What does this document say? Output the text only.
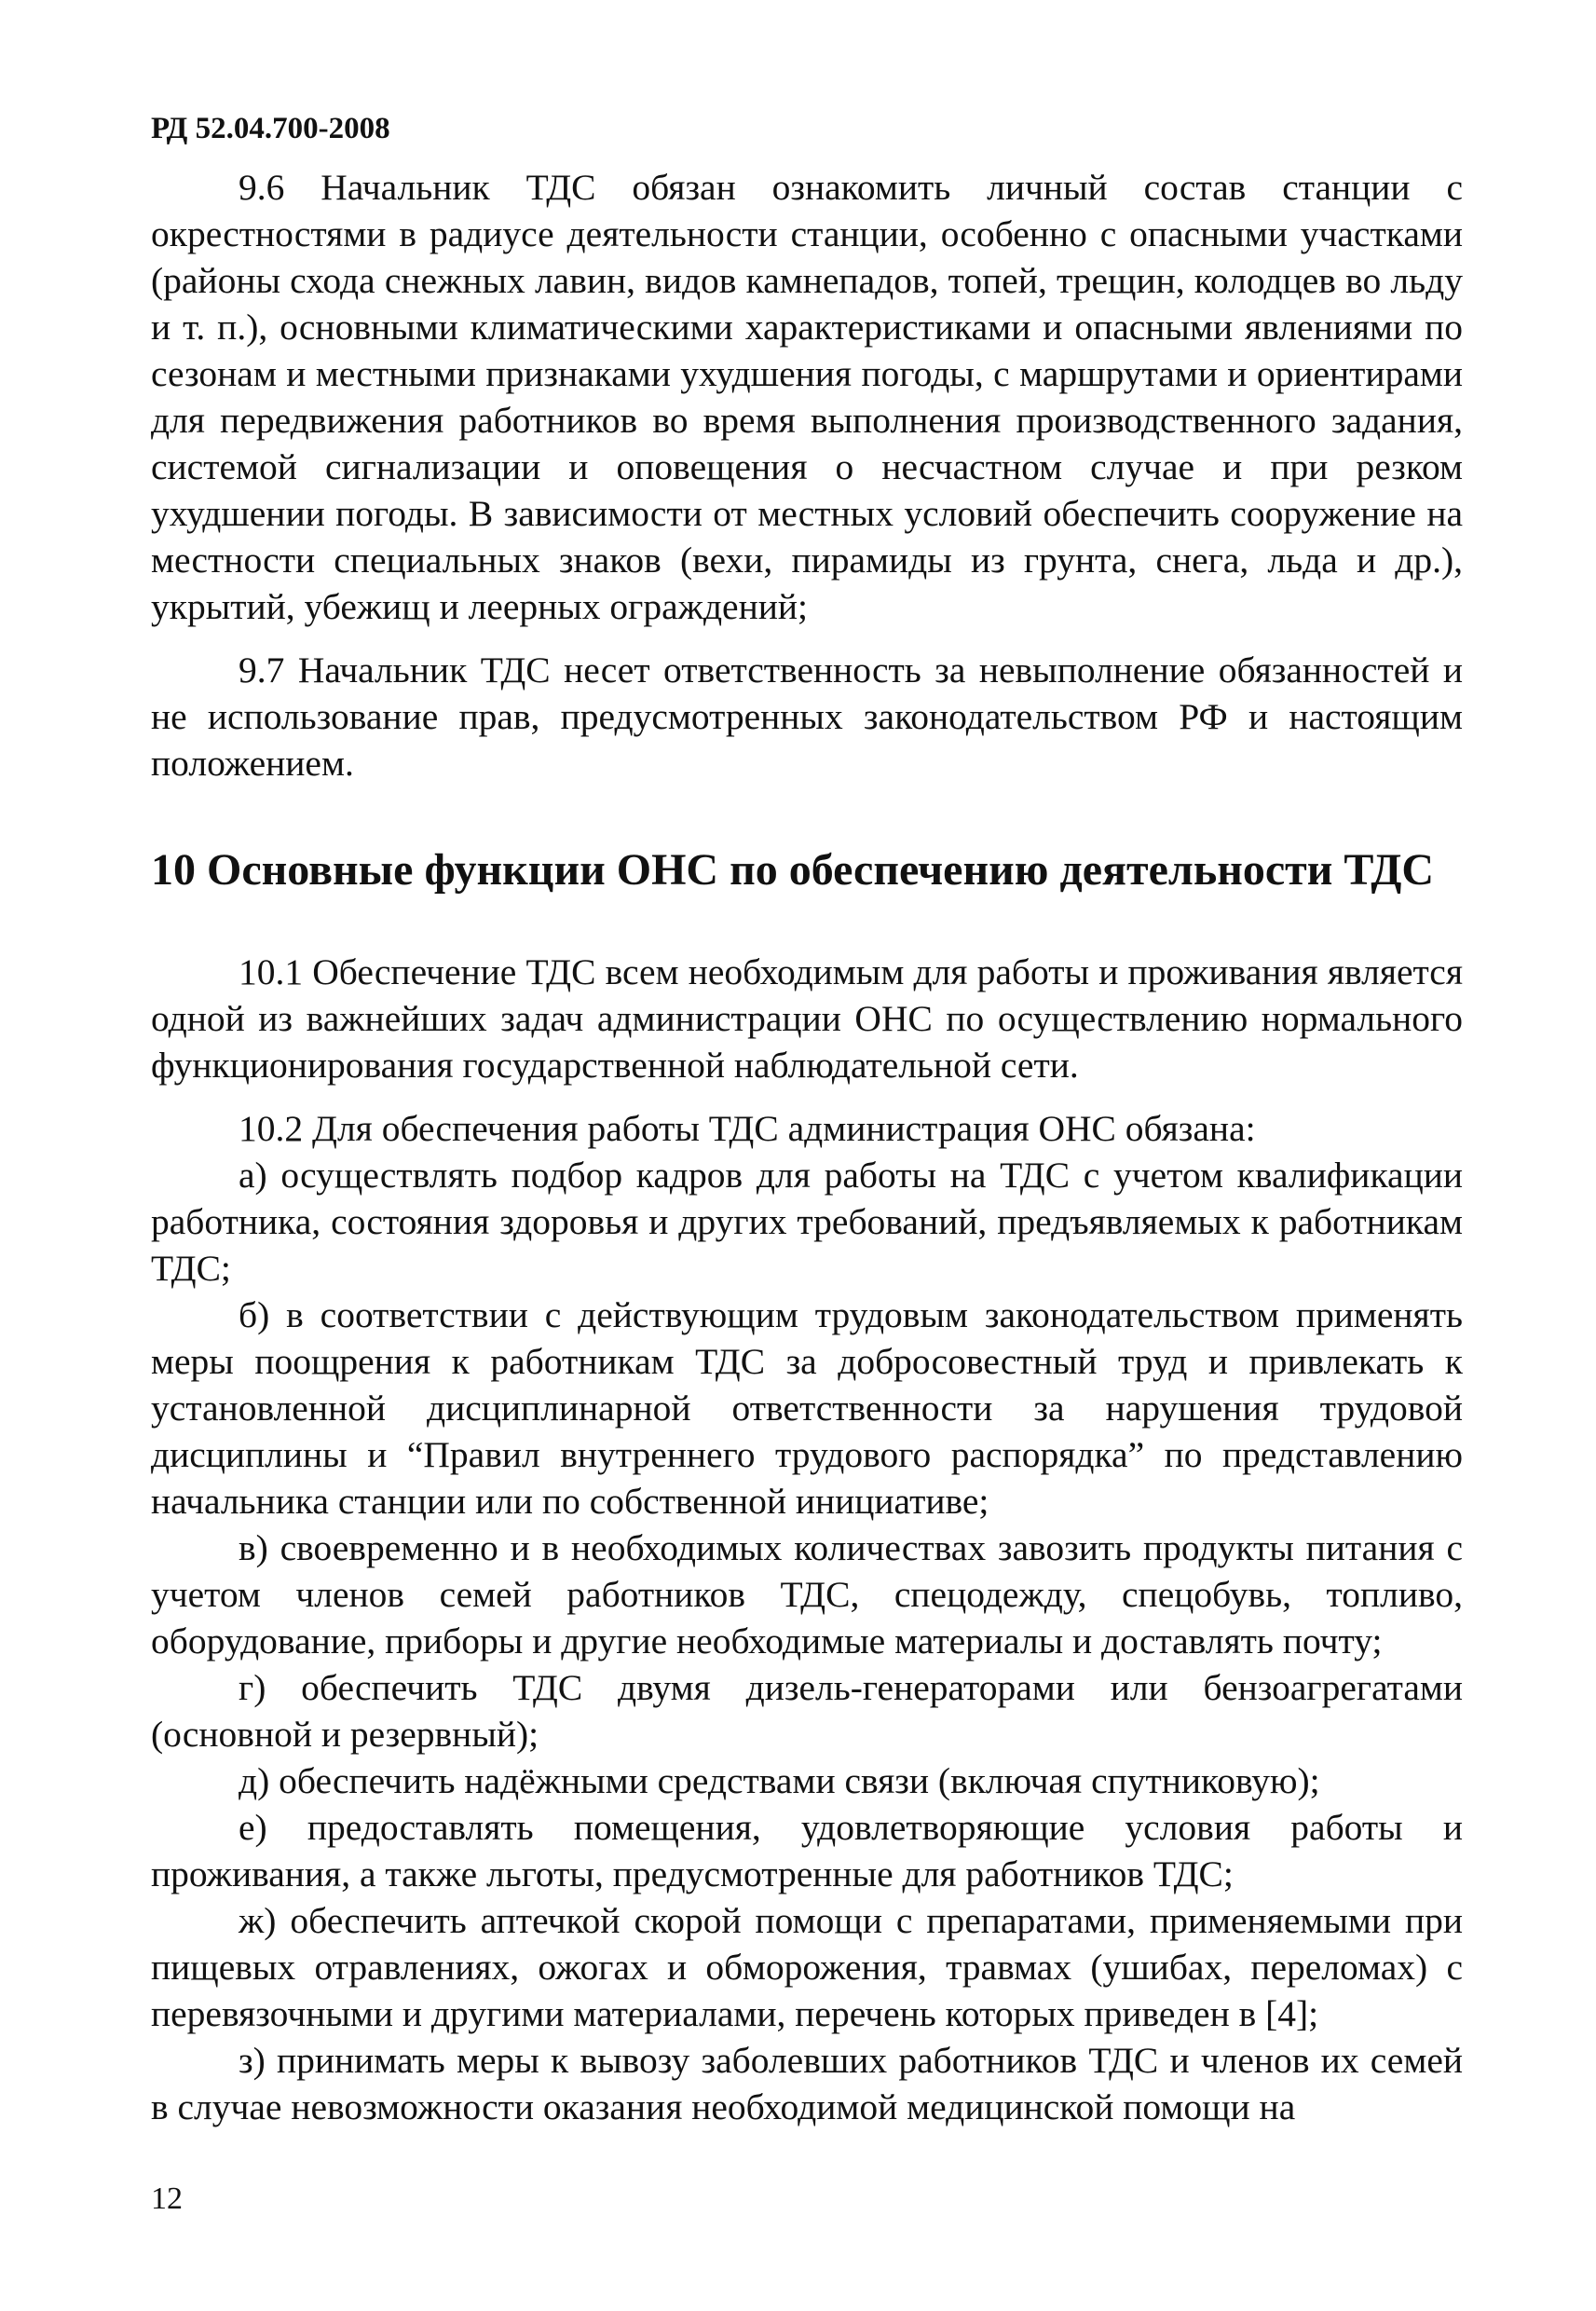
РД 52.04.700-2008

9.6 Начальник ТДС обязан ознакомить личный состав станции с окрестностями в радиусе деятельности станции, особенно с опасными участками (районы схода снежных лавин, видов камнепадов, топей, трещин, колодцев во льду и т. п.), основными климатическими характеристиками и опасными явлениями по сезонам и местными признаками ухудшения погоды, с маршрутами и ориентирами для передвижения работников во время выполнения производственного задания, системой сигнализации и оповещения о несчастном случае и при резком ухудшении погоды. В зависимости от местных условий обеспечить сооружение на местности специальных знаков (вехи, пирамиды из грунта, снега, льда и др.), укрытий, убежищ и леерных ограждений;

9.7 Начальник ТДС несет ответственность за невыполнение обязанностей и не использование прав, предусмотренных законодательством РФ и настоящим положением.

10 Основные функции ОНС по обеспечению деятельности ТДС

10.1 Обеспечение ТДС всем необходимым для работы и проживания является одной из важнейших задач администрации ОНС по осуществлению нормального функционирования государственной наблюдательной сети.

10.2 Для обеспечения работы ТДС администрация ОНС обязана:

а) осуществлять подбор кадров для работы на ТДС с учетом квалификации работника, состояния здоровья и других требований, предъявляемых к работникам ТДС;

б) в соответствии с действующим трудовым законодательством применять меры поощрения к работникам ТДС за добросовестный труд и привлекать к установленной дисциплинарной ответственности за нарушения трудовой дисциплины и “Правил внутреннего трудового распорядка” по представлению начальника станции или по собственной инициативе;

в) своевременно и в необходимых количествах завозить продукты питания с учетом членов семей работников ТДС, спецодежду, спецобувь, топливо, оборудование, приборы и другие необходимые материалы и доставлять почту;

г) обеспечить ТДС двумя дизель-генераторами или бензоагрегатами (основной и резервный);

д) обеспечить надёжными средствами связи (включая спутниковую);

е) предоставлять помещения, удовлетворяющие условия работы и проживания, а также льготы, предусмотренные для работников ТДС;

ж) обеспечить аптечкой скорой помощи с препаратами, применяемыми при пищевых отравлениях, ожогах и обморожения, травмах (ушибах, переломах) с перевязочными и другими материалами, перечень которых приведен в [4];

з) принимать меры к вывозу заболевших работников ТДС и членов их семей в случае невозможности оказания необходимой медицинской помощи на

12
